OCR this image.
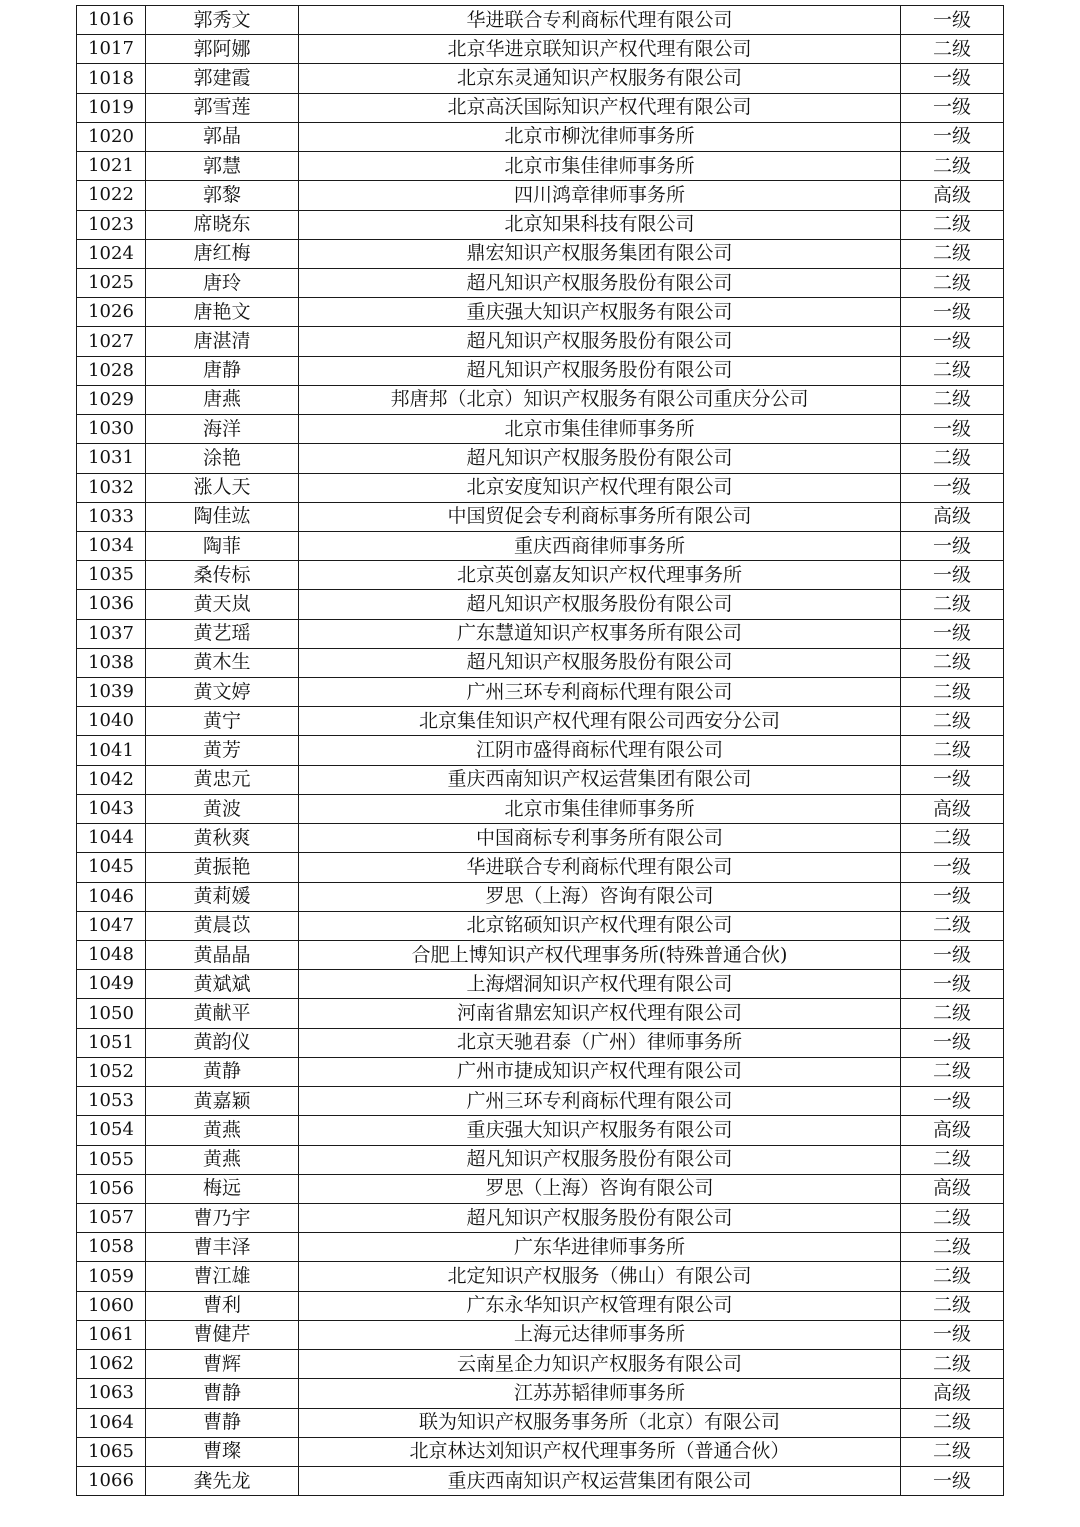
1016	郭秀文	华进联合专利商标代理有限公司	一级
1017	郭阿娜	北京华进京联知识产权代理有限公司	二级
1018	郭建霞	北京东灵通知识产权服务有限公司	一级
1019	郭雪莲	北京高沃国际知识产权代理有限公司	一级
1020	郭晶	北京市柳沈律师事务所	一级
1021	郭慧	北京市集佳律师事务所	二级
1022	郭黎	四川鸿章律师事务所	高级
1023	席晓东	北京知果科技有限公司	二级
1024	唐红梅	鼎宏知识产权服务集团有限公司	二级
1025	唐玲	超凡知识产权服务股份有限公司	二级
1026	唐艳文	重庆强大知识产权服务有限公司	一级
1027	唐湛清	超凡知识产权服务股份有限公司	一级
1028	唐静	超凡知识产权服务股份有限公司	二级
1029	唐燕	邦唐邦（北京）知识产权服务有限公司重庆分公司	二级
1030	海洋	北京市集佳律师事务所	一级
1031	涂艳	超凡知识产权服务股份有限公司	二级
1032	涨人天	北京安度知识产权代理有限公司	一级
1033	陶佳竑	中国贸促会专利商标事务所有限公司	高级
1034	陶菲	重庆西商律师事务所	一级
1035	桑传标	北京英创嘉友知识产权代理事务所	一级
1036	黄天岚	超凡知识产权服务股份有限公司	二级
1037	黄艺瑶	广东慧道知识产权事务所有限公司	一级
1038	黄木生	超凡知识产权服务股份有限公司	二级
1039	黄文婷	广州三环专利商标代理有限公司	二级
1040	黄宁	北京集佳知识产权代理有限公司西安分公司	二级
1041	黄芳	江阴市盛得商标代理有限公司	二级
1042	黄忠元	重庆西南知识产权运营集团有限公司	一级
1043	黄波	北京市集佳律师事务所	高级
1044	黄秋爽	中国商标专利事务所有限公司	二级
1045	黄振艳	华进联合专利商标代理有限公司	一级
1046	黄莉媛	罗思（上海）咨询有限公司	一级
1047	黄晨苡	北京铭硕知识产权代理有限公司	二级
1048	黄晶晶	合肥上博知识产权代理事务所(特殊普通合伙)	一级
1049	黄斌斌	上海熠洞知识产权代理有限公司	一级
1050	黄献平	河南省鼎宏知识产权代理有限公司	二级
1051	黄韵仪	北京天驰君泰（广州）律师事务所	一级
1052	黄静	广州市捷成知识产权代理有限公司	二级
1053	黄嘉颖	广州三环专利商标代理有限公司	一级
1054	黄燕	重庆强大知识产权服务有限公司	高级
1055	黄燕	超凡知识产权服务股份有限公司	二级
1056	梅远	罗思（上海）咨询有限公司	高级
1057	曹乃宇	超凡知识产权服务股份有限公司	二级
1058	曹丰泽	广东华进律师事务所	二级
1059	曹江雄	北定知识产权服务（佛山）有限公司	二级
1060	曹利	广东永华知识产权管理有限公司	二级
1061	曹健芹	上海元达律师事务所	一级
1062	曹辉	云南星企力知识产权服务有限公司	二级
1063	曹静	江苏苏韬律师事务所	高级
1064	曹静	联为知识产权服务事务所（北京）有限公司	二级
1065	曹璨	北京林达刘知识产权代理事务所（普通合伙）	二级
1066	龚先龙	重庆西南知识产权运营集团有限公司	一级
